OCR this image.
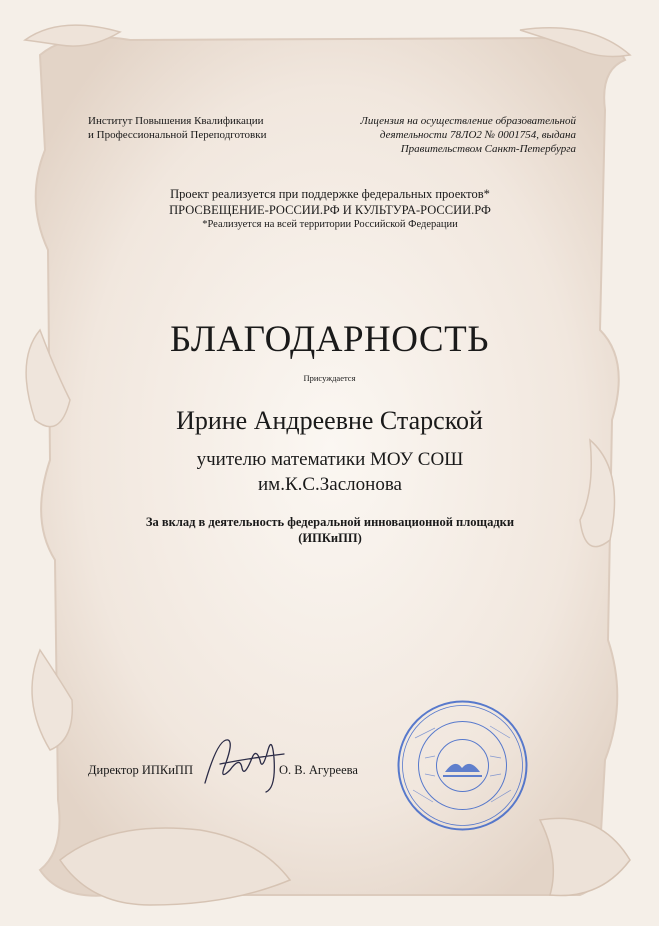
Институт Повышения Квалификации
и Профессиональной Переподготовки
Лицензия на осуществление образовательной
деятельности 78ЛО2 № 0001754, выдана
Правительством Санкт-Петербурга
Проект реализуется при поддержке федеральных проектов*
ПРОСВЕЩЕНИЕ-РОССИИ.РФ И КУЛЬТУРА-РОССИИ.РФ
*Реализуется на всей территории Российской Федерации
БЛАГОДАРНОСТЬ
Присуждается
Ирине Андреевне Старской
учителю математики МОУ СОШ
им.К.С.Заслонова
За вклад в деятельность федеральной инновационной площадки
(ИПКиПП)
Директор ИПКиПП	О. В. Агуреева
